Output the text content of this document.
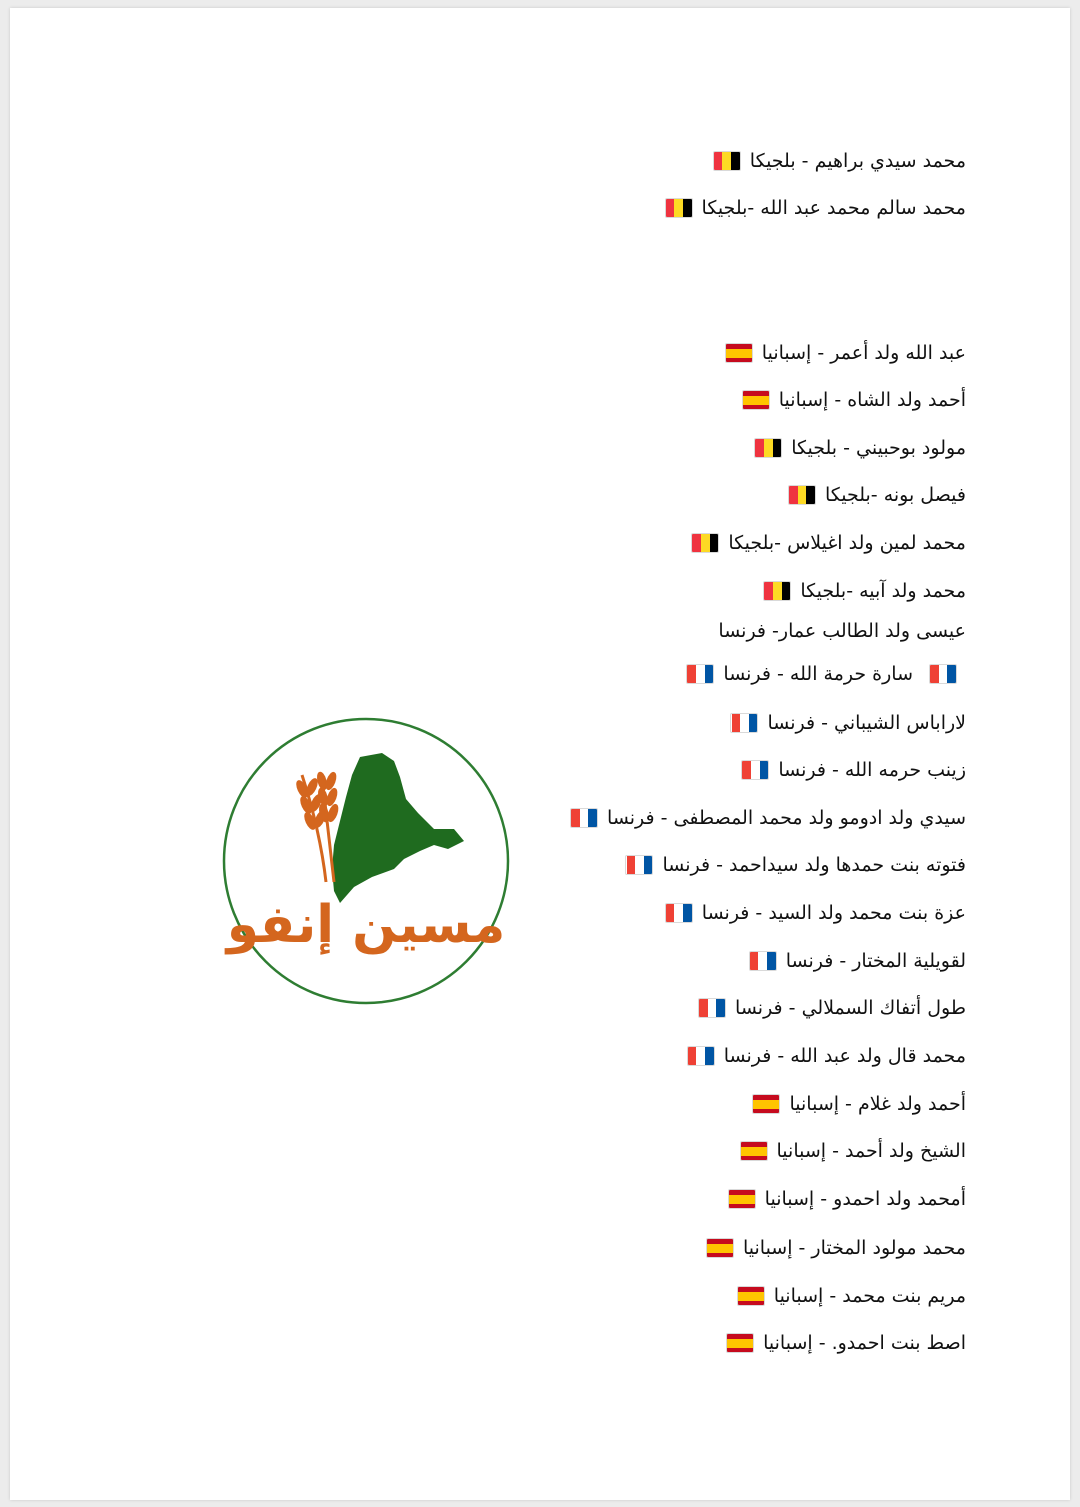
محمد سيدي براهيم - بلجيكا
محمد سالم محمد عبد الله -بلجيكا
عبد الله ولد أعمر - إسبانيا
أحمد ولد الشاه - إسبانيا
مولود بوحبيني - بلجيكا
فيصل بونه -بلجيكا
محمد لمين ولد اغيلاس -بلجيكا
محمد ولد آبيه -بلجيكا
عيسى ولد الطالب عمار- فرنسا
سارة حرمة الله - فرنسا
لاراباس الشيباني - فرنسا
زينب حرمه الله - فرنسا
سيدي ولد ادومو ولد محمد المصطفى - فرنسا
فتوته بنت حمدها ولد سيداحمد - فرنسا
عزة بنت محمد ولد السيد - فرنسا
لقويلية المختار - فرنسا
طول أتفاك السملالي - فرنسا
محمد قال ولد عبد الله - فرنسا
أحمد ولد غلام - إسبانيا
الشيخ ولد أحمد - إسبانيا
أمحمد ولد احمدو - إسبانيا
محمد مولود المختار - إسبانيا
مريم بنت محمد - إسبانيا
اصط بنت احمدو. - إسبانيا
مسين إنفو
